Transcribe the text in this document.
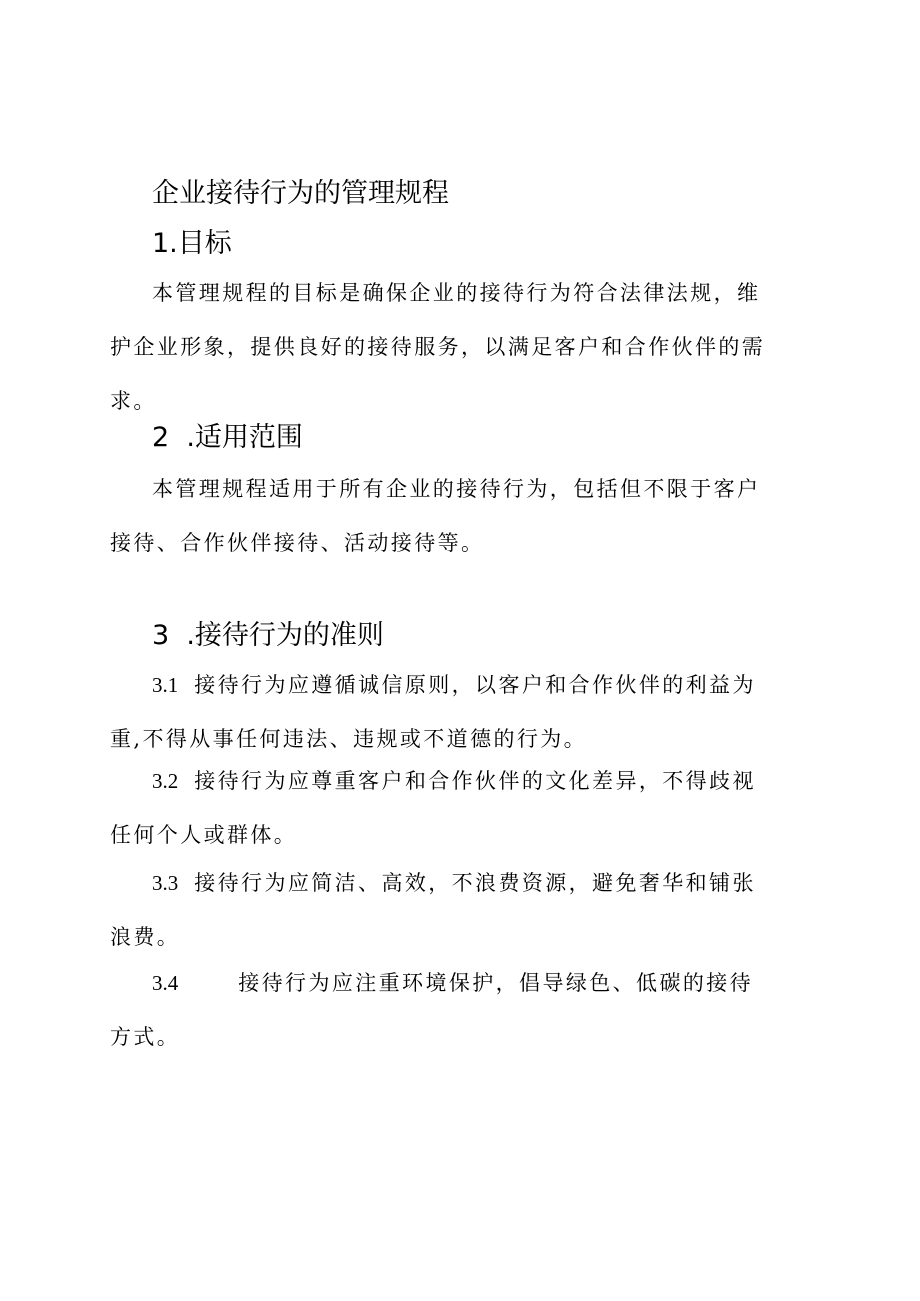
企业接待行为的管理规程
1.目标

本管理规程的目标是确保企业的接待行为符合法律法规，维护企业形象，提供良好的接待服务，以满足客户和合作伙伴的需求。

2  .适用范围

本管理规程适用于所有企业的接待行为，包括但不限于客户接待、合作伙伴接待、活动接待等。

3  .接待行为的准则

3.1 接待行为应遵循诚信原则，以客户和合作伙伴的利益为重,不得从事任何违法、违规或不道德的行为。

3.2 接待行为应尊重客户和合作伙伴的文化差异，不得歧视任何个人或群体。

3.3 接待行为应简洁、高效，不浪费资源，避免奢华和铺张浪费。

3.4	接待行为应注重环境保护，倡导绿色、低碳的接待方式。
